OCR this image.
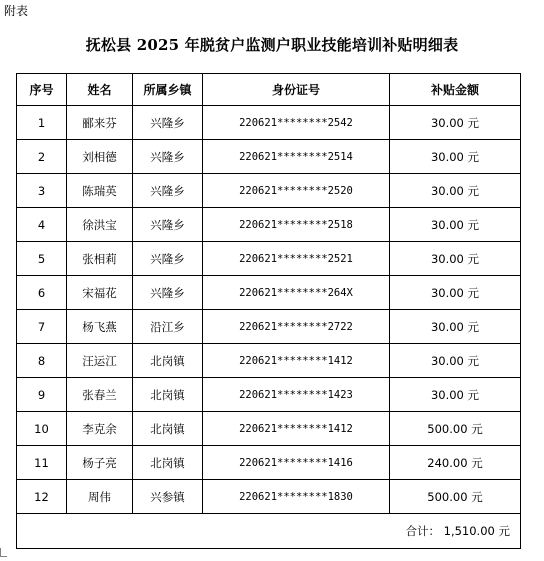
附表
抚松县 2025 年脱贫户监测户职业技能培训补贴明细表
序号	姓名	所属乡镇	身份证号	补贴金额
1	郦来芬	兴隆乡	220621********2542	30.00 元
2	刘相德	兴隆乡	220621********2514	30.00 元
3	陈瑞英	兴隆乡	220621********2520	30.00 元
4	徐洪宝	兴隆乡	220621********2518	30.00 元
5	张相莉	兴隆乡	220621********2521	30.00 元
6	宋福花	兴隆乡	220621********264X	30.00 元
7	杨飞燕	沿江乡	220621********2722	30.00 元
8	汪运江	北岗镇	220621********1412	30.00 元
9	张春兰	北岗镇	220621********1423	30.00 元
10	李克余	北岗镇	220621********1412	500.00 元
11	杨子亮	北岗镇	220621********1416	240.00 元
12	周伟	兴参镇	220621********1830	500.00 元
合计： 1,510.00 元				
